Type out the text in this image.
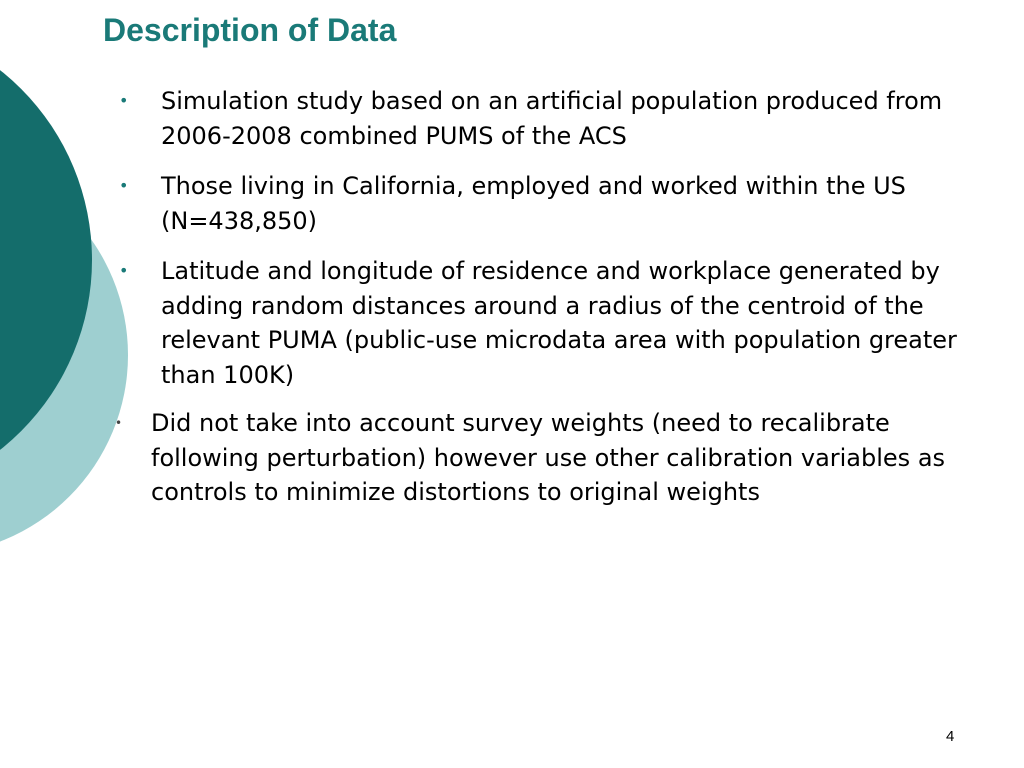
Description of Data
• Simulation study based on an artificial population produced from 2006-2008 combined PUMS of the ACS
• Those living in California, employed and worked within the US (N=438,850)
• Latitude and longitude of residence and workplace generated by adding random distances around a radius of the centroid of the relevant PUMA (public-use microdata area with population greater than 100K)
• Did not take into account survey weights (need to recalibrate following perturbation) however use other calibration variables as controls to minimize distortions to original weights
4
